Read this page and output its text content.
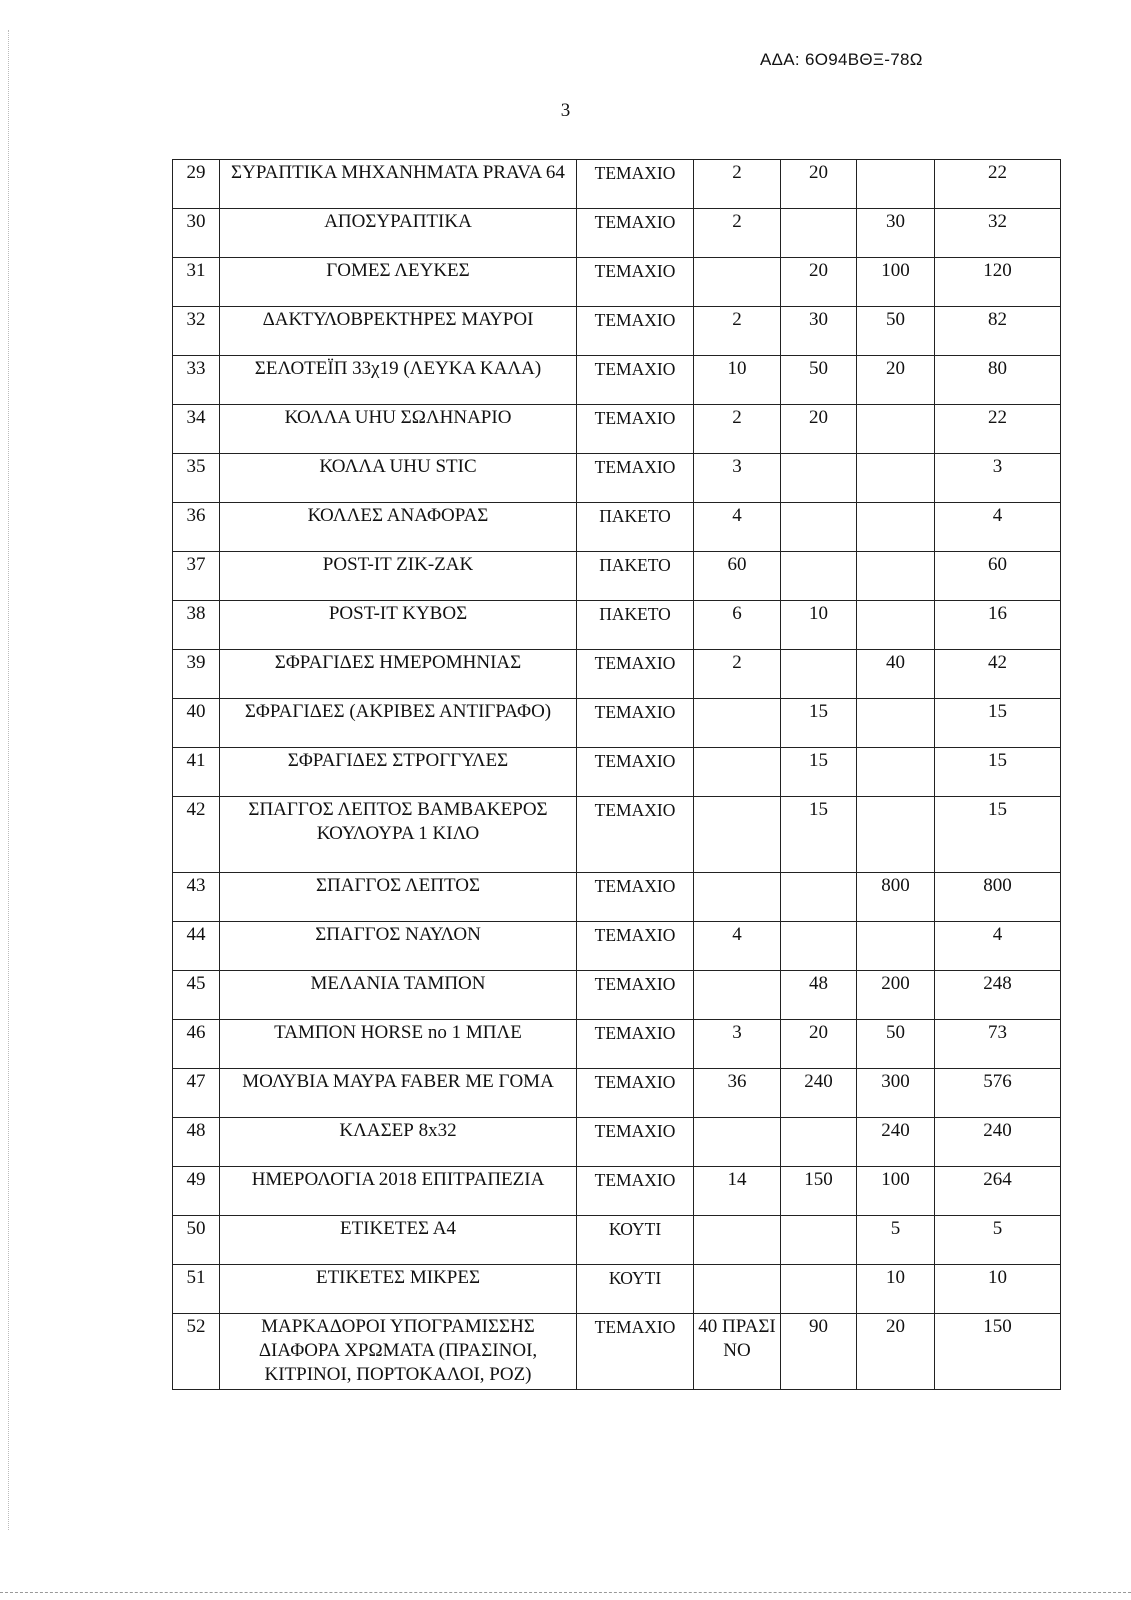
ΑΔΑ: 6Ο94ΒΘΞ-78Ω
3
29	ΣΥΡΑΠΤΙΚΑ ΜΗΧΑΝΗΜΑΤΑ PRAVA 64	ΤΕΜΑΧΙΟ	2	20		22
30	ΑΠΟΣΥΡΑΠΤΙΚΑ	ΤΕΜΑΧΙΟ	2		30	32
31	ΓΟΜΕΣ ΛΕΥΚΕΣ	ΤΕΜΑΧΙΟ		20	100	120
32	ΔΑΚΤΥΛΟΒΡΕΚΤΗΡΕΣ ΜΑΥΡΟΙ	ΤΕΜΑΧΙΟ	2	30	50	82
33	ΣΕΛΟΤΕΪΠ 33χ19 (ΛΕΥΚΑ ΚΑΛΑ)	ΤΕΜΑΧΙΟ	10	50	20	80
34	ΚΟΛΛΑ UHU ΣΩΛΗΝΑΡΙΟ	ΤΕΜΑΧΙΟ	2	20		22
35	ΚΟΛΛΑ UHU STIC	ΤΕΜΑΧΙΟ	3			3
36	ΚΟΛΛΕΣ ΑΝΑΦΟΡΑΣ	ΠΑΚΕΤΟ	4			4
37	POST-IT ZIK-ZAK	ΠΑΚΕΤΟ	60			60
38	POST-IT ΚΥΒΟΣ	ΠΑΚΕΤΟ	6	10		16
39	ΣΦΡΑΓΙΔΕΣ ΗΜΕΡΟΜΗΝΙΑΣ	ΤΕΜΑΧΙΟ	2		40	42
40	ΣΦΡΑΓΙΔΕΣ (ΑΚΡΙΒΕΣ ΑΝΤΙΓΡΑΦΟ)	ΤΕΜΑΧΙΟ		15		15
41	ΣΦΡΑΓΙΔΕΣ ΣΤΡΟΓΓΥΛΕΣ	ΤΕΜΑΧΙΟ		15		15
42	ΣΠΑΓΓΟΣ ΛΕΠΤΟΣ ΒΑΜΒΑΚΕΡΟΣ ΚΟΥΛΟΥΡΑ 1 ΚΙΛΟ	ΤΕΜΑΧΙΟ		15		15
43	ΣΠΑΓΓΟΣ ΛΕΠΤΟΣ	ΤΕΜΑΧΙΟ			800	800
44	ΣΠΑΓΓΟΣ ΝΑΥΛΟΝ	ΤΕΜΑΧΙΟ	4			4
45	ΜΕΛΑΝΙΑ ΤΑΜΠΟΝ	ΤΕΜΑΧΙΟ		48	200	248
46	ΤΑΜΠΟΝ HORSE no 1 ΜΠΛΕ	ΤΕΜΑΧΙΟ	3	20	50	73
47	ΜΟΛΥΒΙΑ ΜΑΥΡΑ FABER ΜΕ ΓΟΜΑ	ΤΕΜΑΧΙΟ	36	240	300	576
48	ΚΛΑΣΕΡ 8x32	ΤΕΜΑΧΙΟ			240	240
49	ΗΜΕΡΟΛΟΓΙΑ 2018 ΕΠΙΤΡΑΠΕΖΙΑ	ΤΕΜΑΧΙΟ	14	150	100	264
50	ΕΤΙΚΕΤΕΣ Α4	ΚΟΥΤΙ			5	5
51	ΕΤΙΚΕΤΕΣ ΜΙΚΡΕΣ	ΚΟΥΤΙ			10	10
52	ΜΑΡΚΑΔΟΡΟΙ ΥΠΟΓΡΑΜΙΣΣΗΣ ΔΙΑΦΟΡΑ ΧΡΩΜΑΤΑ (ΠΡΑΣΙΝΟΙ, ΚΙΤΡΙΝΟΙ, ΠΟΡΤΟΚΑΛΟΙ, ΡΟΖ)	ΤΕΜΑΧΙΟ	40 ΠΡΑΣΙ ΝΟ	90	20	150
